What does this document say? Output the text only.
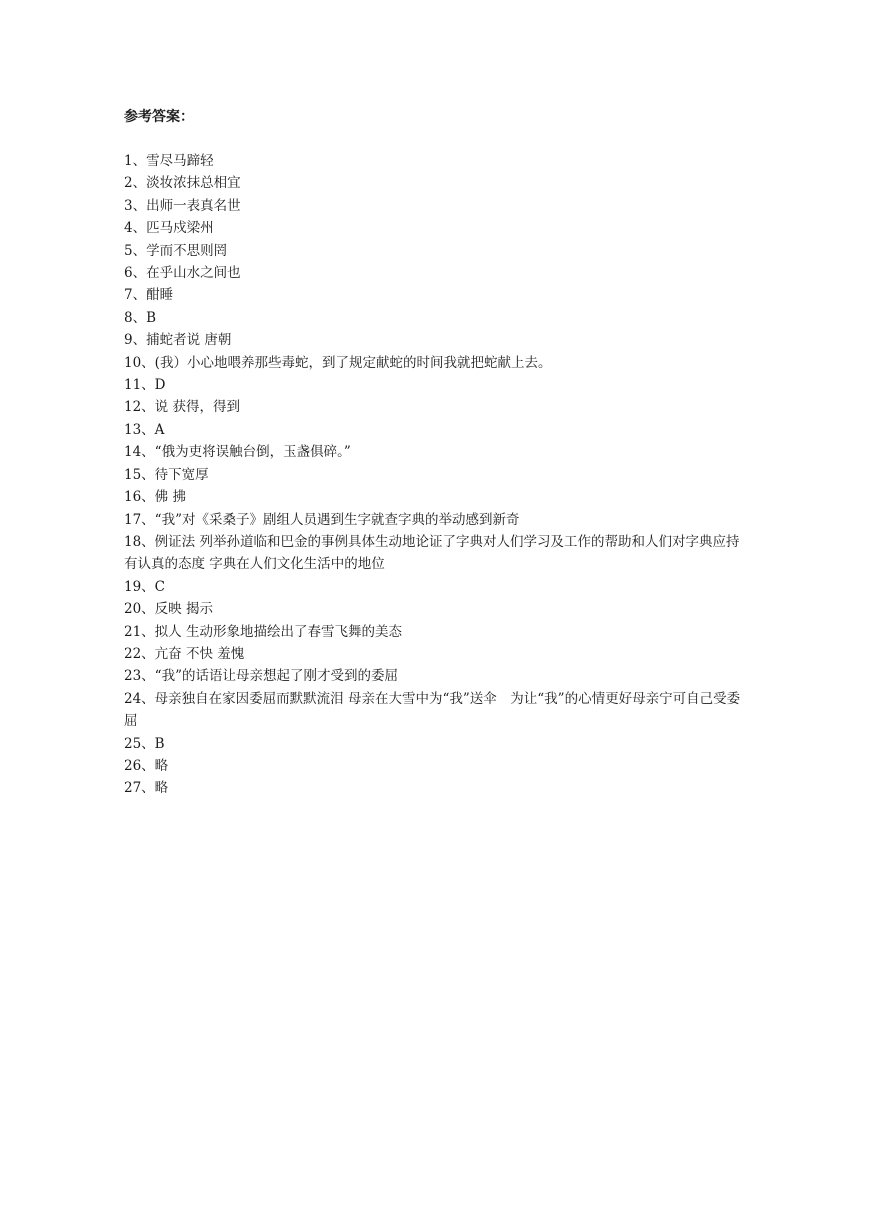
参考答案：
1、雪尽马蹄轻
2、淡妆浓抹总相宜
3、出师一表真名世
4、匹马戍梁州
5、学而不思则罔
6、在乎山水之间也
7、酣睡
8、B
9、捕蛇者说 唐朝
10、(我）小心地喂养那些毒蛇，到了规定献蛇的时间我就把蛇献上去。
11、D
12、说 获得，得到
13、A
14、“俄为吏将误触台倒，玉盏俱碎。”
15、待下宽厚
16、佛 拂
17、“我”对《采桑子》剧组人员遇到生字就查字典的举动感到新奇
18、例证法 列举孙道临和巴金的事例具体生动地论证了字典对人们学习及工作的帮助和人们对字典应持有认真的态度 字典在人们文化生活中的地位
19、C
20、反映 揭示
21、拟人 生动形象地描绘出了春雪飞舞的美态
22、亢奋 不快 羞愧
23、“我”的话语让母亲想起了刚才受到的委屈
24、母亲独自在家因委屈而默默流泪 母亲在大雪中为“我”送伞　为让“我”的心情更好母亲宁可自己受委屈
25、B
26、略
27、略
